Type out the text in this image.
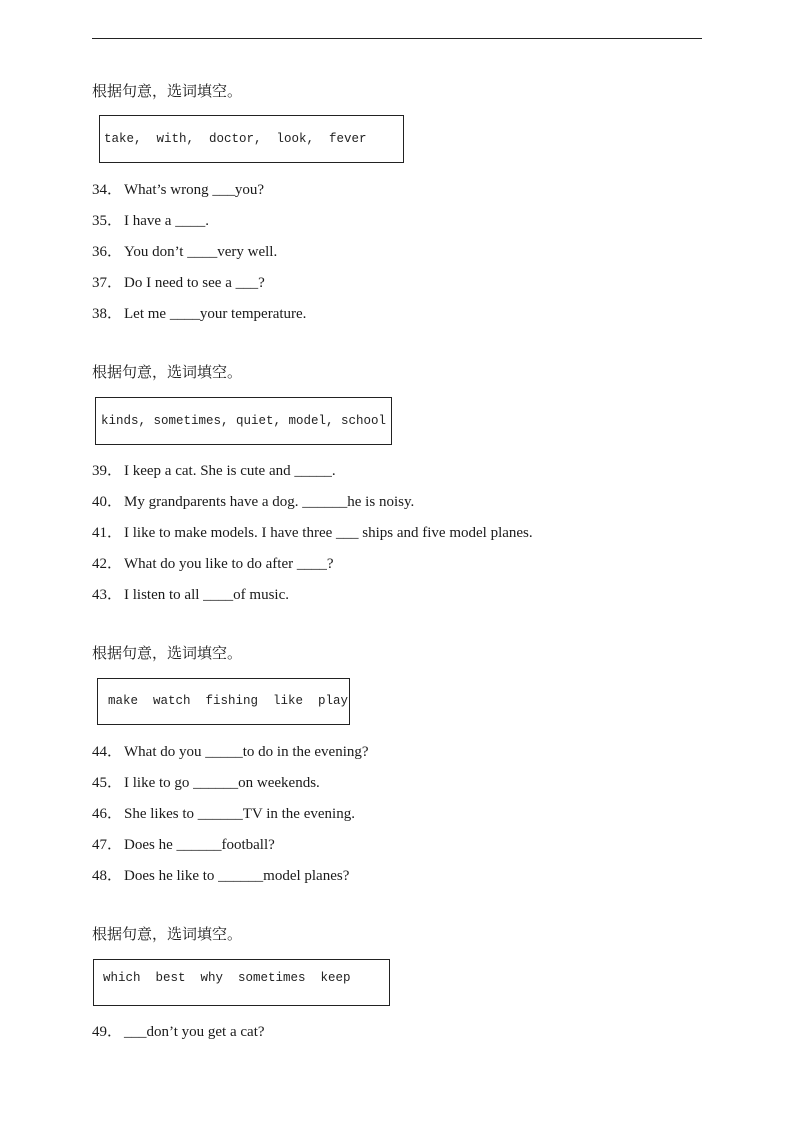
根据句意，选词填空。

take,  with,  doctor,  look,  fever
34． What’s wrong ___you?
35． I have a ____.
36． You don’t ____very well.
37． Do I need to see a ___?
38． Let me ____your temperature.

根据句意，选词填空。

kinds, sometimes, quiet, model, school
39． I keep a cat. She is cute and _____.
40． My grandparents have a dog. ______he is noisy.
41． I like to make models. I have three ___ ships and five model planes.
42． What do you like to do after ____?
43． I listen to all ____of music.

根据句意，选词填空。

make  watch  fishing  like  play
44． What do you _____to do in the evening?
45． I like to go ______on weekends.
46． She likes to ______TV in the evening.
47． Does he ______football?
48． Does he like to ______model planes?

根据句意，选词填空。

which  best  why  sometimes  keep
49． ___don’t you get a cat?
